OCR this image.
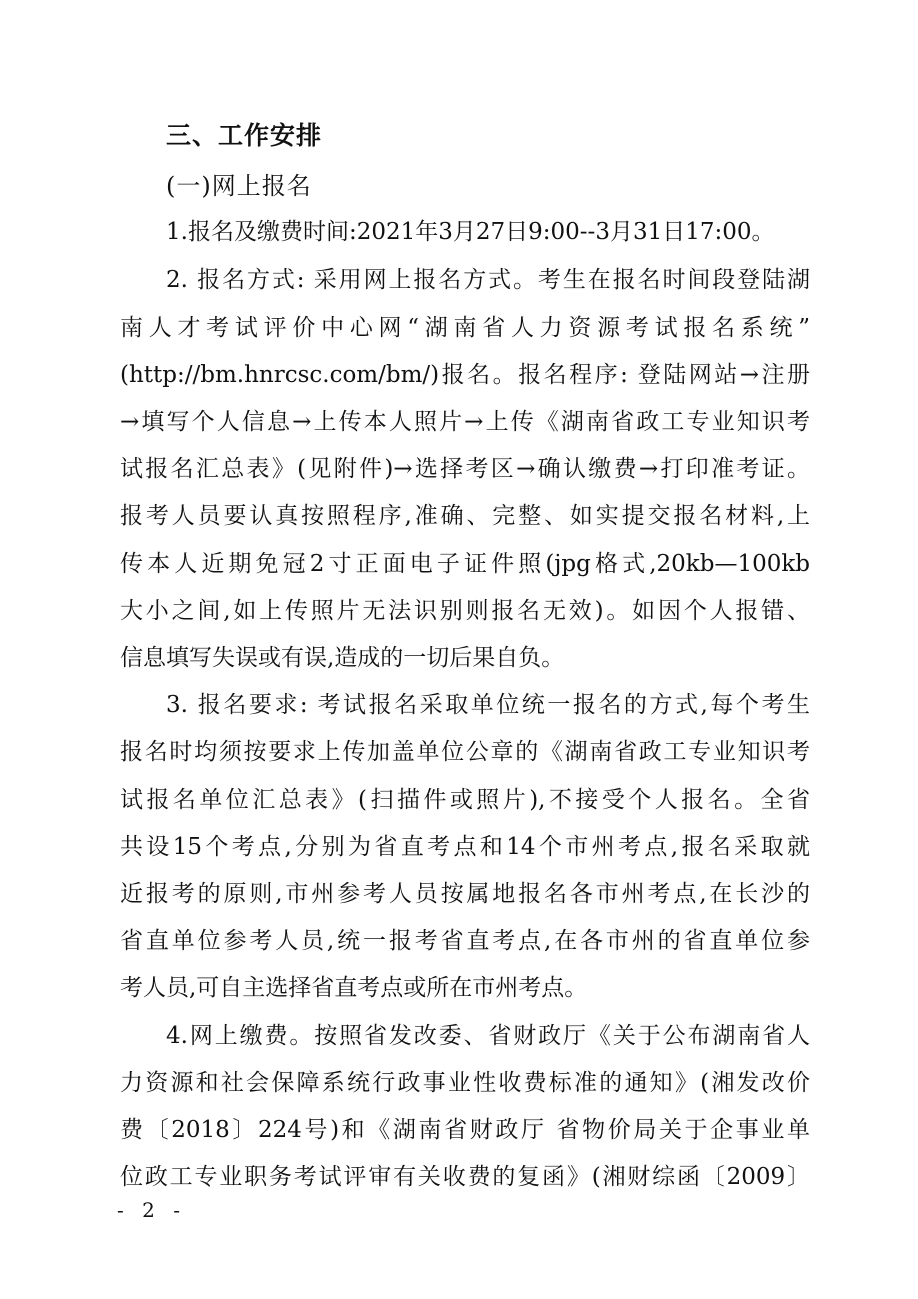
三、工作安排
(一)网上报名
1.报名及缴费时间:2021年3月27日9:00--3月31日17:00。
2. 报名方式: 采用网上报名方式。考生在报名时间段登陆湖
南人才考试评价中心网“湖南省人力资源考试报名系统”
(http://bm.hnrcsc.com/bm/)报名。报名程序: 登陆网站→注册
→填写个人信息→上传本人照片→上传《湖南省政工专业知识考
试报名汇总表》(见附件)→选择考区→确认缴费→打印准考证。
报考人员要认真按照程序,准确、完整、如实提交报名材料,上
传本人近期免冠2寸正面电子证件照(jpg格式,20kb—100kb
大小之间,如上传照片无法识别则报名无效)。如因个人报错、
信息填写失误或有误,造成的一切后果自负。
3. 报名要求: 考试报名采取单位统一报名的方式,每个考生
报名时均须按要求上传加盖单位公章的《湖南省政工专业知识考
试报名单位汇总表》(扫描件或照片),不接受个人报名。全省
共设15个考点,分别为省直考点和14个市州考点,报名采取就
近报考的原则,市州参考人员按属地报名各市州考点,在长沙的
省直单位参考人员,统一报考省直考点,在各市州的省直单位参
考人员,可自主选择省直考点或所在市州考点。
4.网上缴费。按照省发改委、省财政厅《关于公布湖南省人
力资源和社会保障系统行政事业性收费标准的通知》(湘发改价
费〔2018〕224号)和《湖南省财政厅 省物价局关于企事业单
位政工专业职务考试评审有关收费的复函》(湘财综函〔2009〕
- 2 -
